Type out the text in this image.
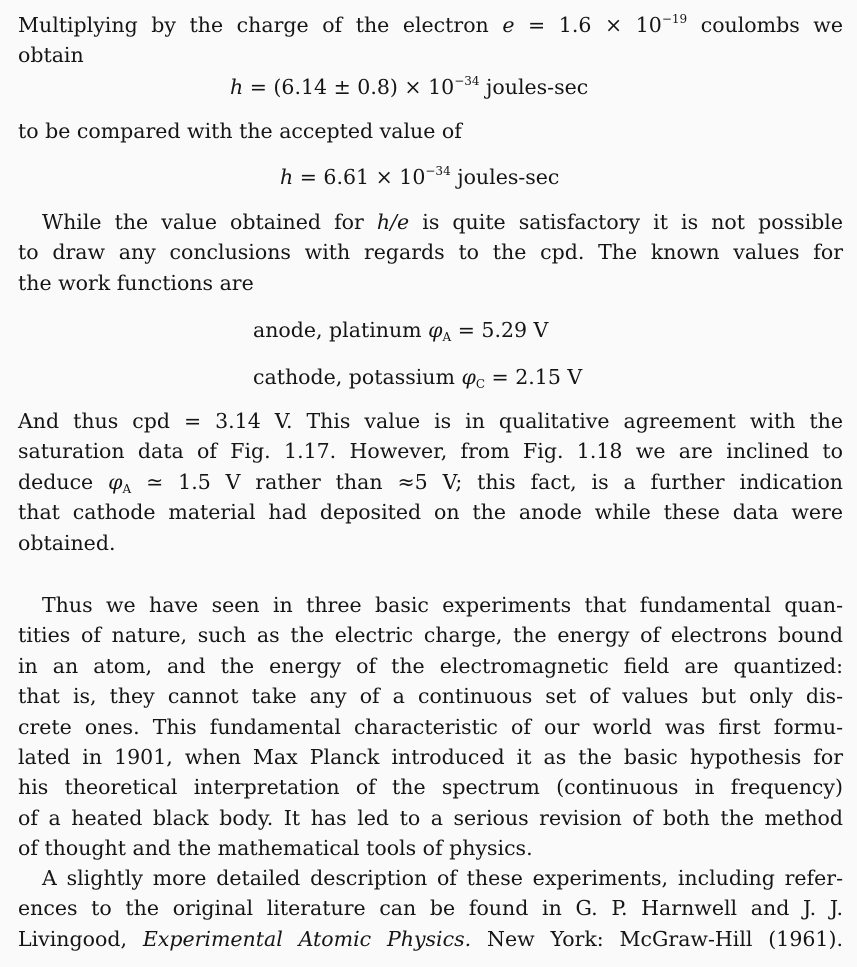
Multiplying by the charge of the electron $e = 1.6 \times 10^{-19}$ coulombs we
obtain
$h = (6.14 \pm 0.8) \times 10^{-34}$ joules-sec
to be compared with the accepted value of
$h = 6.61 \times 10^{-34}$ joules-sec
While the value obtained for h/e is quite satisfactory it is not possible
to draw any conclusions with regards to the cpd. The known values for
the work functions are
anode, platinum $\varphi_A = 5.29$ V
cathode, potassium $\varphi_C = 2.15$ V
And thus cpd = 3.14 V. This value is in qualitative agreement with the
saturation data of Fig. 1.17. However, from Fig. 1.18 we are inclined to
deduce $\varphi_A$ ≃ 1.5 V rather than ≈5 V; this fact, is a further indication
that cathode material had deposited on the anode while these data were
obtained.
Thus we have seen in three basic experiments that fundamental quan-
tities of nature, such as the electric charge, the energy of electrons bound
in an atom, and the energy of the electromagnetic field are quantized:
that is, they cannot take any of a continuous set of values but only dis-
crete ones. This fundamental characteristic of our world was first formu-
lated in 1901, when Max Planck introduced it as the basic hypothesis for
his theoretical interpretation of the spectrum (continuous in frequency)
of a heated black body. It has led to a serious revision of both the method
of thought and the mathematical tools of physics.
A slightly more detailed description of these experiments, including refer-
ences to the original literature can be found in G. P. Harnwell and J. J.
Livingood, Experimental Atomic Physics. New York: McGraw-Hill (1961).
